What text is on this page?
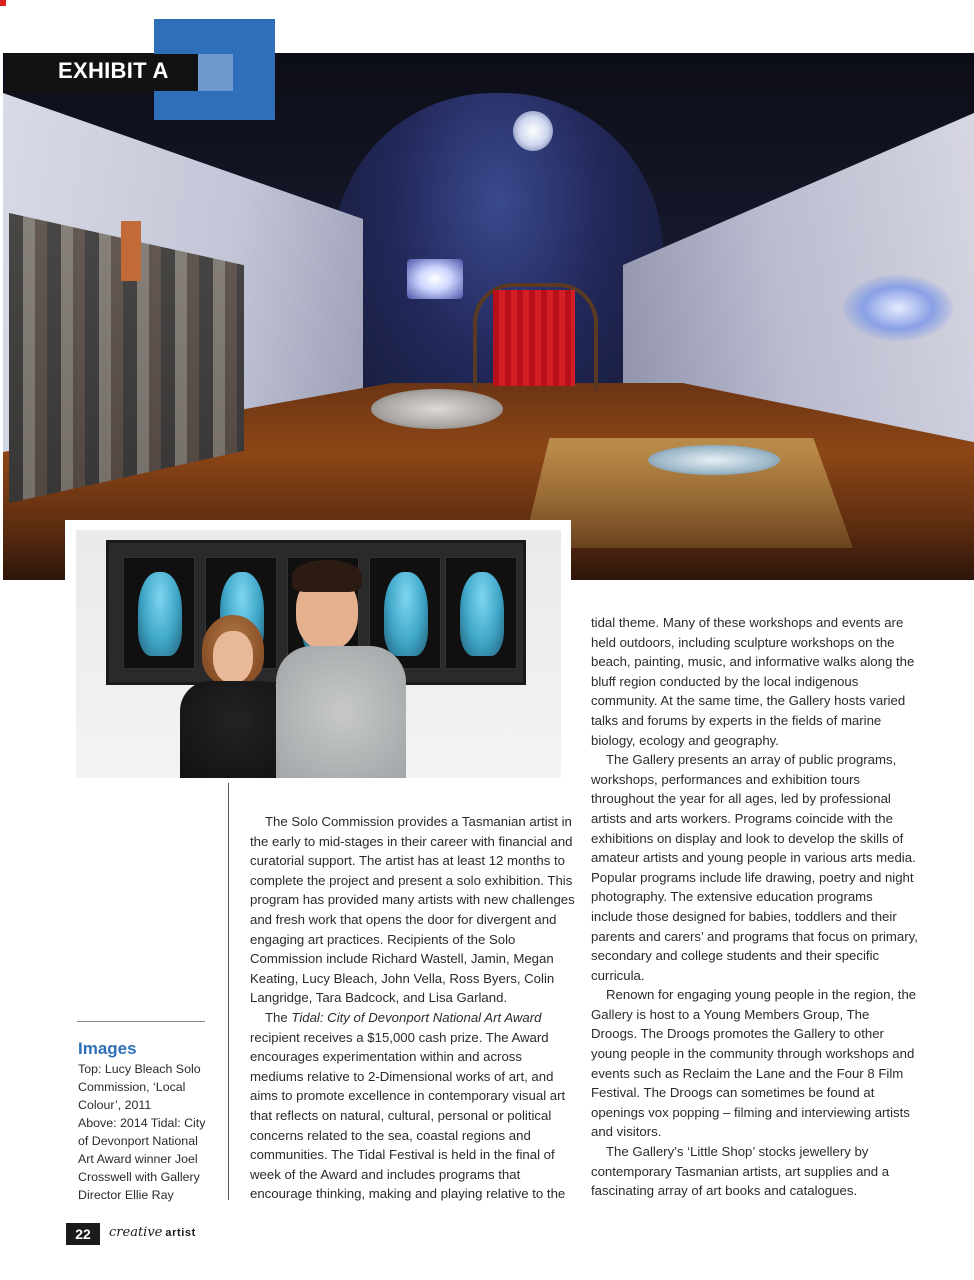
EXHIBIT A

The Solo Commission provides a Tasmanian artist in the early to mid-stages in their career with financial and curatorial support. The artist has at least 12 months to complete the project and present a solo exhibition. This program has provided many artists with new challenges and fresh work that opens the door for divergent and engaging art practices. Recipients of the Solo Commission include Richard Wastell, Jamin, Megan Keating, Lucy Bleach, John Vella, Ross Byers, Colin Langridge, Tara Badcock, and Lisa Garland.

The Tidal: City of Devonport National Art Award recipient receives a $15,000 cash prize. The Award encourages experimentation within and across mediums relative to 2-Dimensional works of art, and aims to promote excellence in contemporary visual art that reflects on natural, cultural, personal or political concerns related to the sea, coastal regions and communities. The Tidal Festival is held in the final of week of the Award and includes programs that encourage thinking, making and playing relative to the

tidal theme. Many of these workshops and events are held outdoors, including sculpture workshops on the beach, painting, music, and informative walks along the bluff region conducted by the local indigenous community. At the same time, the Gallery hosts varied talks and forums by experts in the fields of marine biology, ecology and geography.

The Gallery presents an array of public programs, workshops, performances and exhibition tours throughout the year for all ages, led by professional artists and arts workers. Programs coincide with the exhibitions on display and look to develop the skills of amateur artists and young people in various arts media. Popular programs include life drawing, poetry and night photography. The extensive education programs include those designed for babies, toddlers and their parents and carers’ and programs that focus on primary, secondary and college students and their specific curricula.

Renown for engaging young people in the region, the Gallery is host to a Young Members Group, The Droogs. The Droogs promotes the Gallery to other young people in the community through workshops and events such as Reclaim the Lane and the Four 8 Film Festival. The Droogs can sometimes be found at openings vox popping – filming and interviewing artists and visitors.

The Gallery’s ‘Little Shop’ stocks jewellery by contemporary Tasmanian artists, art supplies and a fascinating array of art books and catalogues.

Images
Top: Lucy Bleach Solo
Commission, ‘Local
Colour’, 2011
Above: 2014 Tidal: City
of Devonport National
Art Award winner Joel
Crosswell with Gallery
Director Ellie Ray
22	creative artist
